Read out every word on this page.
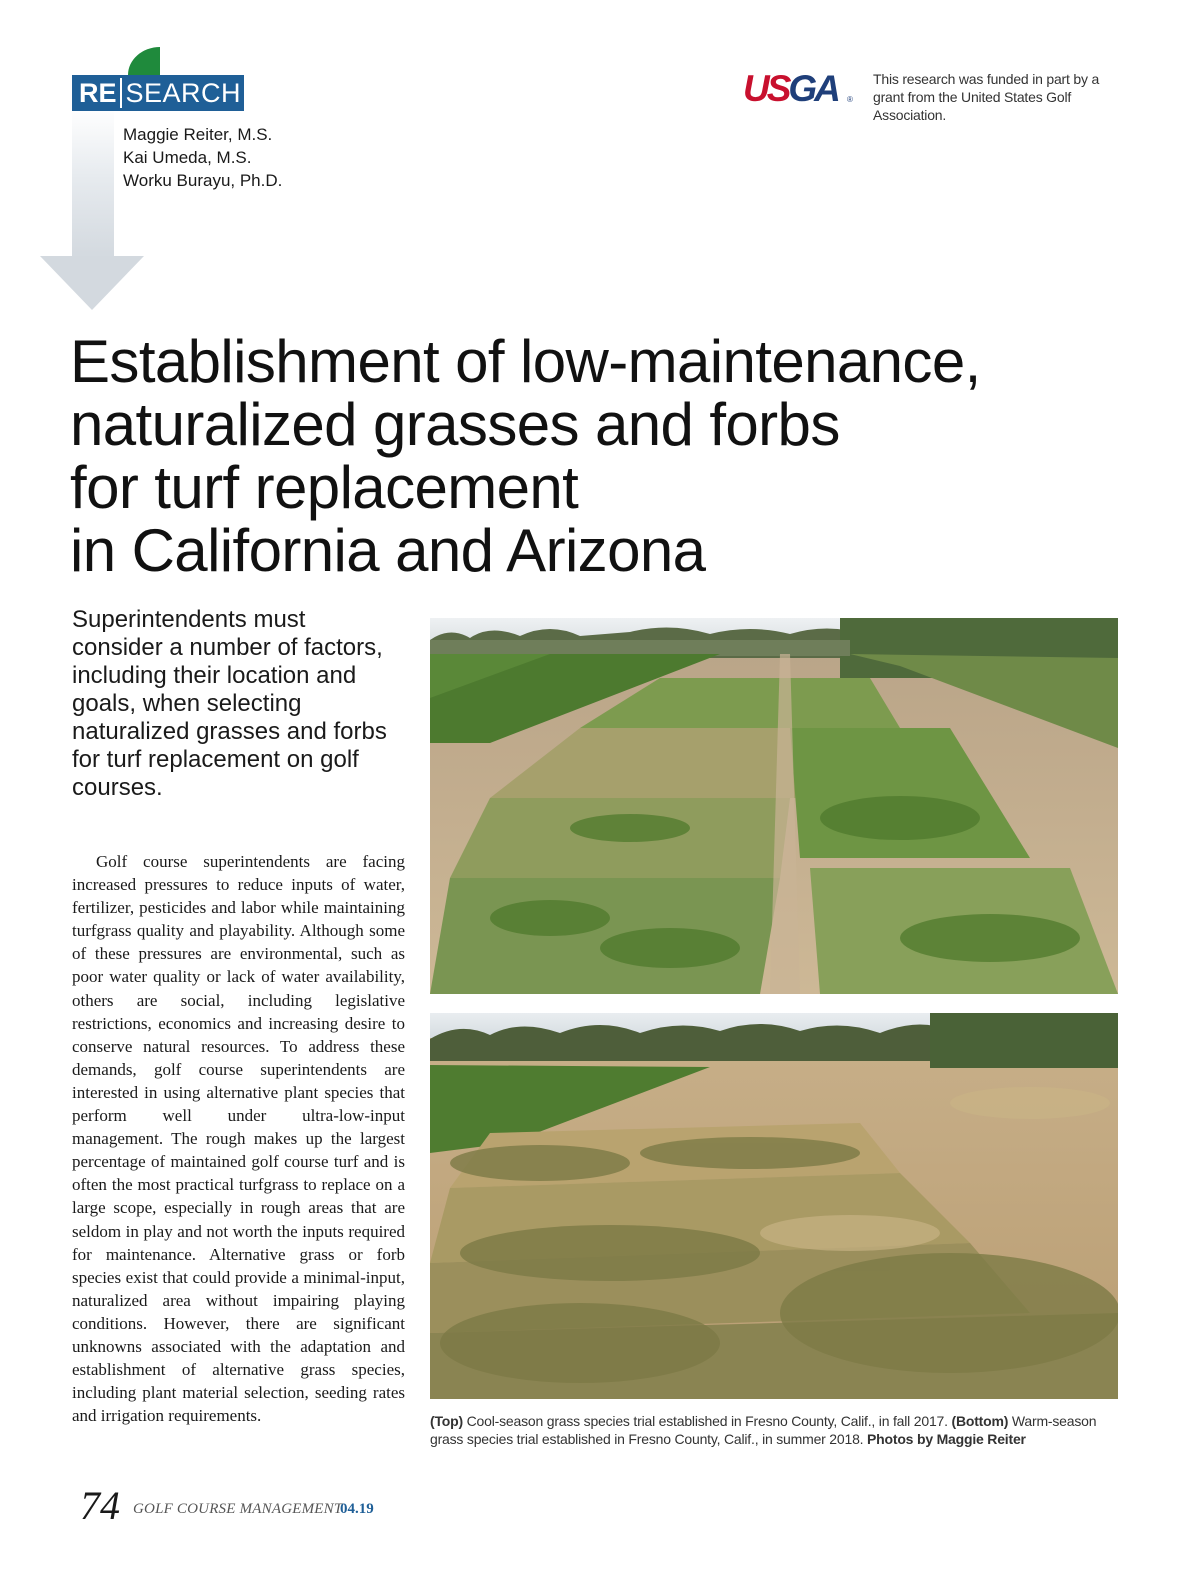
RE SEARCH
Maggie Reiter, M.S.
Kai Umeda, M.S.
Worku Burayu, Ph.D.
USGA ®
This research was funded in part by a grant from the United States Golf Association.
Establishment of low-maintenance,
naturalized grasses and forbs
for turf replacement
in California and Arizona

Superintendents must consider a number of factors, including their location and goals, when selecting naturalized grasses and forbs for turf replacement on golf courses.

Golf course superintendents are facing increased pressures to reduce inputs of water, fertilizer, pesticides and labor while maintaining turfgrass quality and playability. Although some of these pressures are environmental, such as poor water quality or lack of water availability, others are social, including legislative restrictions, economics and increasing desire to conserve natural resources. To address these demands, golf course superintendents are interested in using alternative plant species that perform well under ultra-low-input management. The rough makes up the largest percentage of maintained golf course turf and is often the most practical turfgrass to replace on a large scope, especially in rough areas that are seldom in play and not worth the inputs required for maintenance. Alternative grass or forb species exist that could provide a minimal-input, naturalized area without impairing playing conditions. However, there are significant unknowns associated with the adaptation and establishment of alternative grass species, including plant material selection, seeding rates and irrigation requirements.	(Top) Cool-season grass species trial established in Fresno County, Calif., in fall 2017. (Bottom) Warm-season grass species trial established in Fresno County, Calif., in summer 2018. Photos by Maggie Reiter

74 GOLF COURSE MANAGEMENT
04.19
